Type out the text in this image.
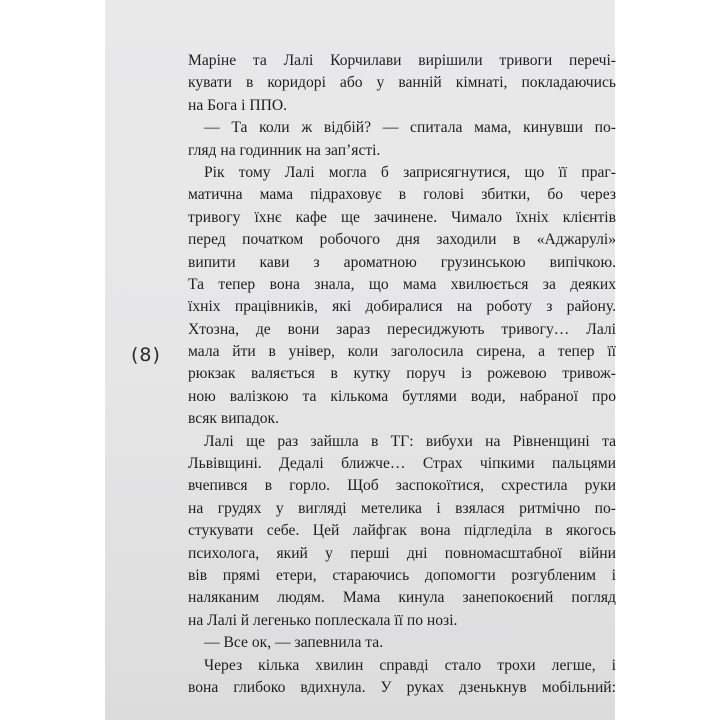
(8)
Маріне та Лалі Корчилави вирішили тривоги перечі-
кувати в коридорі або у ванній кімнаті, покладаючись
на Бога і ППО.
— Та коли ж відбій? — спитала мама, кинувши по-
гляд на годинник на зап’ясті.
Рік тому Лалі могла б заприсягнутися, що її праг-
матична мама підраховує в голові збитки, бо через
тривогу їхнє кафе ще зачинене. Чимало їхніх клієнтів
перед початком робочого дня заходили в «Аджарулі»
випити кави з ароматною грузинською випічкою.
Та тепер вона знала, що мама хвилюється за деяких
їхніх працівників, які добиралися на роботу з району.
Хтозна, де вони зараз пересиджують тривогу… Лалі
мала йти в універ, коли заголосила сирена, а тепер її
рюкзак валяється в кутку поруч із рожевою тривож-
ною валізкою та кількома бутлями води, набраної про
всяк випадок.
Лалі ще раз зайшла в ТГ: вибухи на Рівненщині та
Львівщині. Дедалі ближче… Страх чіпкими пальцями
вчепився в горло. Щоб заспокоїтися, схрестила руки
на грудях у вигляді метелика і взялася ритмічно по-
стукувати себе. Цей лайфгак вона підгледіла в якогось
психолога, який у перші дні повномасштабної війни
вів прямі етери, стараючись допомогти розгубленим і
наляканим людям. Мама кинула занепокоєний погляд
на Лалі й легенько поплескала її по нозі.
— Все ок, — запевнила та.
Через кілька хвилин справді стало трохи легше, і
вона глибоко вдихнула. У руках дзенькнув мобільний:
